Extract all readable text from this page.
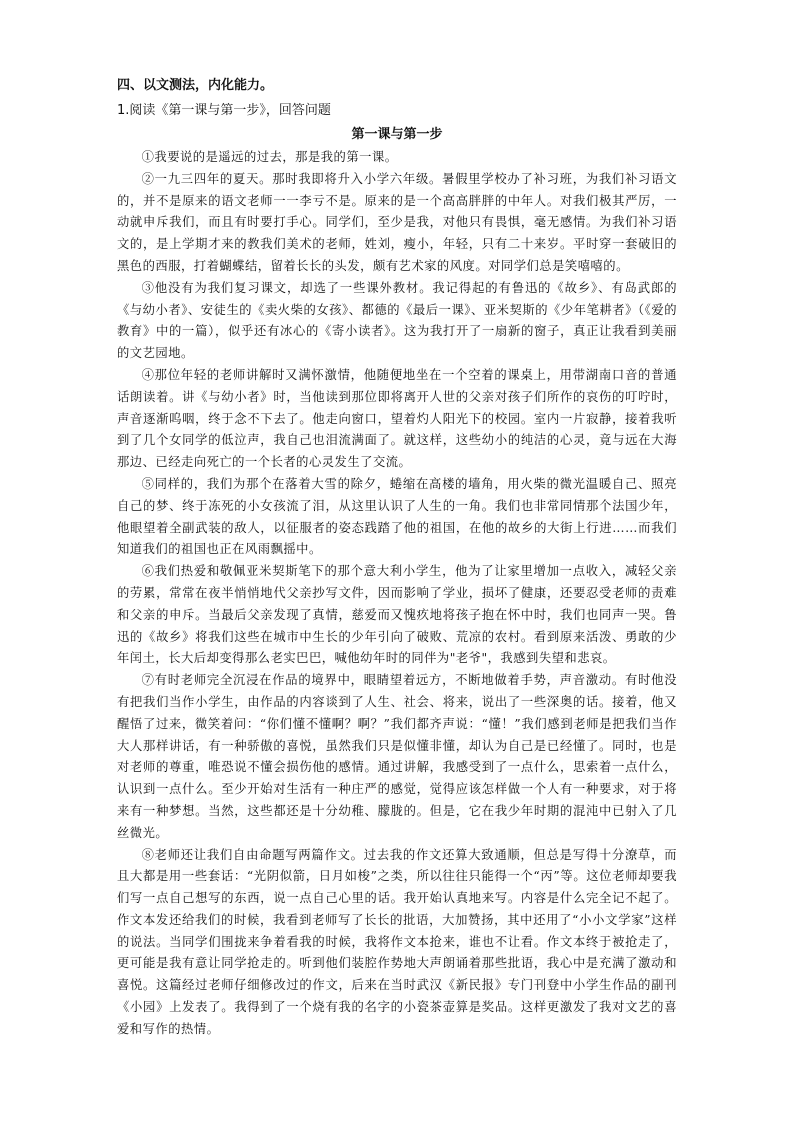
四、以文测法，内化能力。
1.阅读《第一课与第一步》，回答问题
第一课与第一步

①我要说的是遥远的过去，那是我的第一课。

②一九三四年的夏天。那时我即将升入小学六年级。暑假里学校办了补习班，为我们补习语文的，并不是原来的语文老师一一李亏不是。原来的是一个高高胖胖的中年人。对我们极其严厉，一动就申斥我们，而且有时要打手心。同学们，至少是我，对他只有畏惧，毫无感情。为我们补习语文的，是上学期才来的教我们美术的老师，姓刘，瘦小，年轻，只有二十来岁。平时穿一套破旧的黑色的西服，打着蝴蝶结，留着长长的头发，颇有艺术家的风度。对同学们总是笑嘻嘻的。

③他没有为我们复习课文，却选了一些课外教材。我记得起的有鲁迅的《故乡》、有岛武郎的《与幼小者》、安徒生的《卖火柴的女孩》、都德的《最后一课》、亚米契斯的《少年笔耕者》（《爱的教育》中的一篇），似乎还有冰心的《寄小读者》。这为我打开了一扇新的窗子，真正让我看到美丽的文艺园地。

④那位年轻的老师讲解时又满怀激情，他随便地坐在一个空着的课桌上，用带湖南口音的普通话朗读着。讲《与幼小者》时，当他读到那位即将离开人世的父亲对孩子们所作的哀伤的叮咛时，声音逐渐呜咽，终于念不下去了。他走向窗口，望着灼人阳光下的校园。室内一片寂静，接着我听到了几个女同学的低泣声，我自己也泪流满面了。就这样，这些幼小的纯洁的心灵，竟与远在大海那边、已经走向死亡的一个长者的心灵发生了交流。

⑤同样的，我们为那个在落着大雪的除夕，蜷缩在高楼的墙角，用火柴的微光温暖自己、照亮自己的梦、终于冻死的小女孩流了泪，从这里认识了人生的一角。我们也非常同情那个法国少年，他眼望着全副武装的敌人，以征服者的姿态践踏了他的祖国，在他的故乡的大街上行进……而我们知道我们的祖国也正在风雨飘摇中。

⑥我们热爱和敬佩亚米契斯笔下的那个意大利小学生，他为了让家里增加一点收入，减轻父亲的劳累，常常在夜半悄悄地代父亲抄写文件，因而影响了学业，损坏了健康，还要忍受老师的责难和父亲的申斥。当最后父亲发现了真情，慈爱而又愧疚地将孩子抱在怀中时，我们也同声一哭。鲁迅的《故乡》将我们这些在城市中生长的少年引向了破败、荒凉的农村。看到原来活泼、勇敢的少年闰土，长大后却变得那么老实巴巴，喊他幼年时的同伴为"老爷"，我感到失望和悲哀。

⑦有时老师完全沉浸在作品的境界中，眼睛望着远方，不断地做着手势，声音激动。有时他没有把我们当作小学生，由作品的内容谈到了人生、社会、将来，说出了一些深奥的话。接着，他又醒悟了过来，微笑着问：“你们懂不懂啊？啊？”我们都齐声说：“懂！”我们感到老师是把我们当作大人那样讲话，有一种骄傲的喜悦，虽然我们只是似懂非懂，却认为自己是已经懂了。同时，也是对老师的尊重，唯恐说不懂会损伤他的感情。通过讲解，我感受到了一点什么，思索着一点什么，认识到一点什么。至少开始对生活有一种庄严的感觉，觉得应该怎样做一个人有一种要求，对于将来有一种梦想。当然，这些都还是十分幼稚、朦胧的。但是，它在我少年时期的混沌中已射入了几丝微光。

⑧老师还让我们自由命题写两篇作文。过去我的作文还算大致通顺，但总是写得十分潦草，而且大都是用一些套话：“光阴似箭，日月如梭”之类，所以往往只能得一个“丙”等。这位老师却要我们写一点自己想写的东西，说一点自己心里的话。我开始认真地来写。内容是什么完全记不起了。作文本发还给我们的时候，我看到老师写了长长的批语，大加赞扬，其中还用了“小小文学家”这样的说法。当同学们围拢来争着看我的时候，我将作文本抢来，谁也不让看。作文本终于被抢走了，更可能是我有意让同学抢走的。听到他们装腔作势地大声朗诵着那些批语，我心中是充满了激动和喜悦。这篇经过老师仔细修改过的作文，后来在当时武汉《新民报》专门刊登中小学生作品的副刊《小园》上发表了。我得到了一个烧有我的名字的小瓷茶壶算是奖品。这样更激发了我对文艺的喜爱和写作的热情。
